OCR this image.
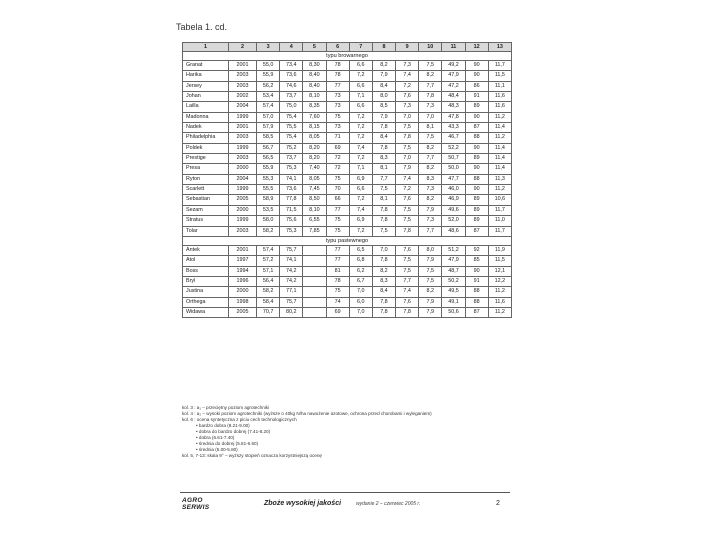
Tabela 1. cd.
1	2	3	4	5	6	7	8	9	10	11	12	13
typu browarnego												
Granat	2001	55,0	73,4	8,30	78	6,6	8,2	7,3	7,5	49,2	90	11,7
Harika	2003	55,9	73,6	8,40	78	7,2	7,9	7,4	8,2	47,9	90	11,5
Jersey	2003	56,2	74,6	8,40	77	6,6	8,4	7,2	7,7	47,2	86	11,1
Johan	2002	53,4	73,7	8,10	73	7,1	8,0	7,6	7,8	48,4	91	11,6
Lailla	2004	57,4	75,0	8,35	73	6,6	8,5	7,3	7,3	48,3	89	11,6
Madonna	1999	57,0	75,4	7,60	75	7,2	7,9	7,0	7,0	47,8	90	11,2
Nadek	2001	57,9	75,5	8,15	73	7,2	7,8	7,5	8,1	43,3	87	11,4
Philadelphia	2003	58,5	75,4	8,05	71	7,2	8,4	7,8	7,5	46,7	88	11,2
Poldek	1999	56,7	75,2	8,20	69	7,4	7,8	7,5	8,2	52,2	90	11,4
Prestige	2003	56,5	73,7	8,20	72	7,2	8,3	7,0	7,7	50,7	89	11,4
Presa	2000	55,9	75,3	7,40	72	7,1	8,1	7,9	8,2	50,0	90	11,4
Ryton	2004	55,3	74,1	8,05	75	6,9	7,7	7,4	8,3	47,7	88	11,3
Scarlett	1999	55,5	73,6	7,45	70	6,6	7,5	7,2	7,3	46,0	90	11,2
Sebastian	2005	58,9	77,8	8,50	66	7,2	8,1	7,6	8,2	46,9	89	10,6
Sezam	2000	53,5	71,5	8,10	77	7,4	7,8	7,5	7,9	49,6	89	11,7
Stratus	1999	58,0	75,6	6,55	75	6,9	7,8	7,5	7,3	52,0	89	11,0
Tolar	2003	58,2	75,3	7,85	75	7,2	7,5	7,8	7,7	48,6	87	11,7
typu pastewnego												
Antek	2001	57,4	75,7		77	6,5	7,0	7,6	8,0	51,2	92	11,9
Atol	1997	57,2	74,1		77	6,8	7,8	7,5	7,9	47,9	85	11,5
Boss	1994	57,1	74,2		81	6,2	8,2	7,5	7,5	48,7	90	12,1
Bryl	1996	56,4	74,2		78	6,7	8,3	7,7	7,5	50,2	91	12,2
Justina	2000	58,2	77,1		75	7,0	8,4	7,4	8,2	49,5	88	11,2
Orthega	1998	58,4	75,7		74	6,0	7,8	7,6	7,9	49,1	88	11,6
Widawa	2005	70,7	80,2		69	7,0	7,8	7,8	7,9	50,6	87	11,2
kol. 3 : a₁ – przeciętny poziom agrotechniki
kol. 4 : a₂ – wysoki poziom agrotechniki (wyższe o 40kg N/ha nawożenie azotowe, ochrona przed chorobami i wyleganiem)
kol. 6 : ocena syntetyczna z piciu cech technologicznych
• bardzo dobra (8.21-9.00)
• dobra do bardzo dobrej (7.41-8.20)
• dobra (6.61-7.40)
• średnia do dobrej (5.81-6.60)
• średnia (5.00-5.80)
kol. 5, 7-13: skala 9° – wyższy stopień oznacza korzystniejszą ocenę
AGRO
SERWIS
Zboże wysokiej jakości	wydanie 2 – czerwiec 2005 r.	2
